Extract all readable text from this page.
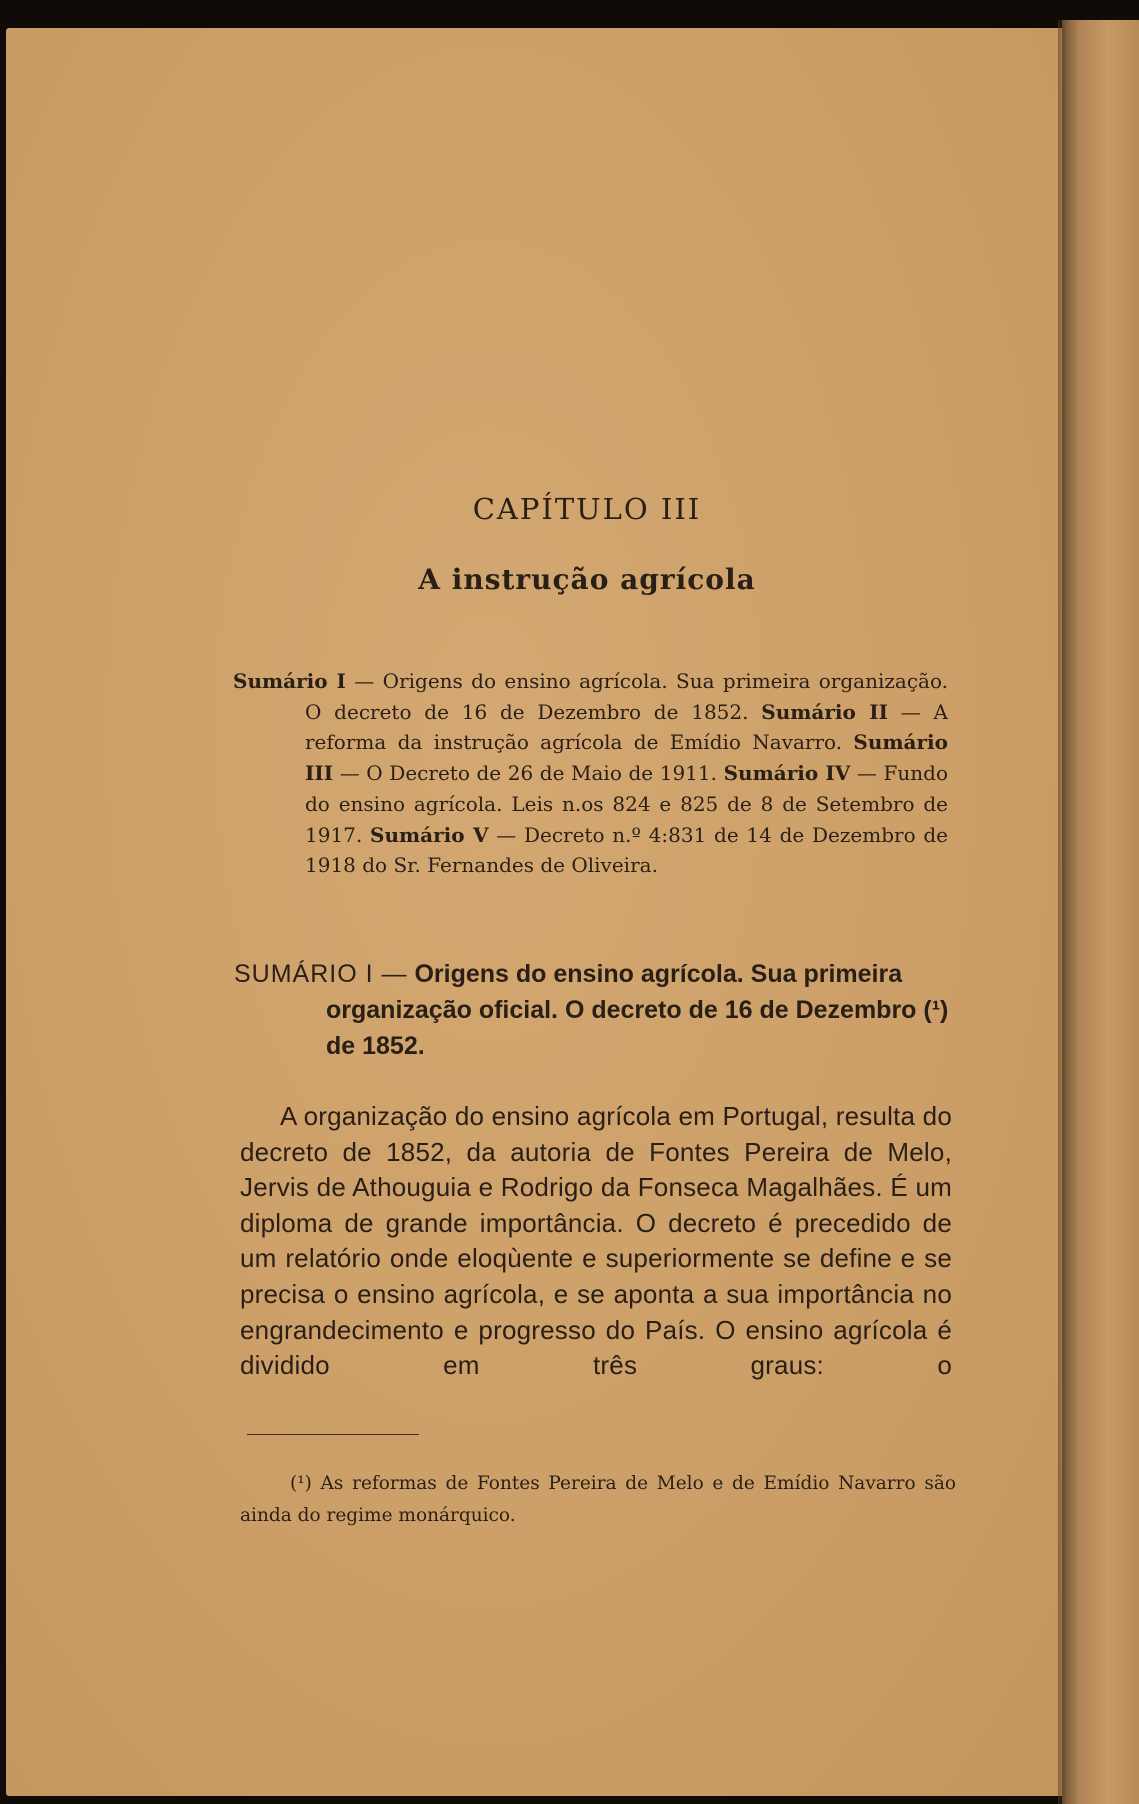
CAPÍTULO III
A instrução agrícola
Sumário I — Origens do ensino agrícola. Sua primeira organização. O decreto de 16 de Dezembro de 1852. Sumário II — A reforma da instrução agrícola de Emídio Navarro. Sumário III — O Decreto de 26 de Maio de 1911. Sumário IV — Fundo do ensino agrícola. Leis n.os 824 e 825 de 8 de Setembro de 1917. Sumário V — Decreto n.º 4:831 de 14 de Dezembro de 1918 do Sr. Fernandes de Oliveira.
SUMÁRIO I — Origens do ensino agrícola. Sua primeira organização oficial. O decreto de 16 de Dezembro (¹) de 1852.

A organização do ensino agrícola em Portugal, resulta do decreto de 1852, da autoria de Fontes Pereira de Melo, Jervis de Athouguia e Rodrigo da Fonseca Magalhães. É um diploma de grande importância. O decreto é precedido de um relatório onde eloqùente e superiormente se define e se precisa o ensino agrícola, e se aponta a sua importância no engrandecimento e progresso do País. O ensino agrícola é dividido em três graus: o

(¹) As reformas de Fontes Pereira de Melo e de Emídio Navarro são ainda do regime monárquico.
